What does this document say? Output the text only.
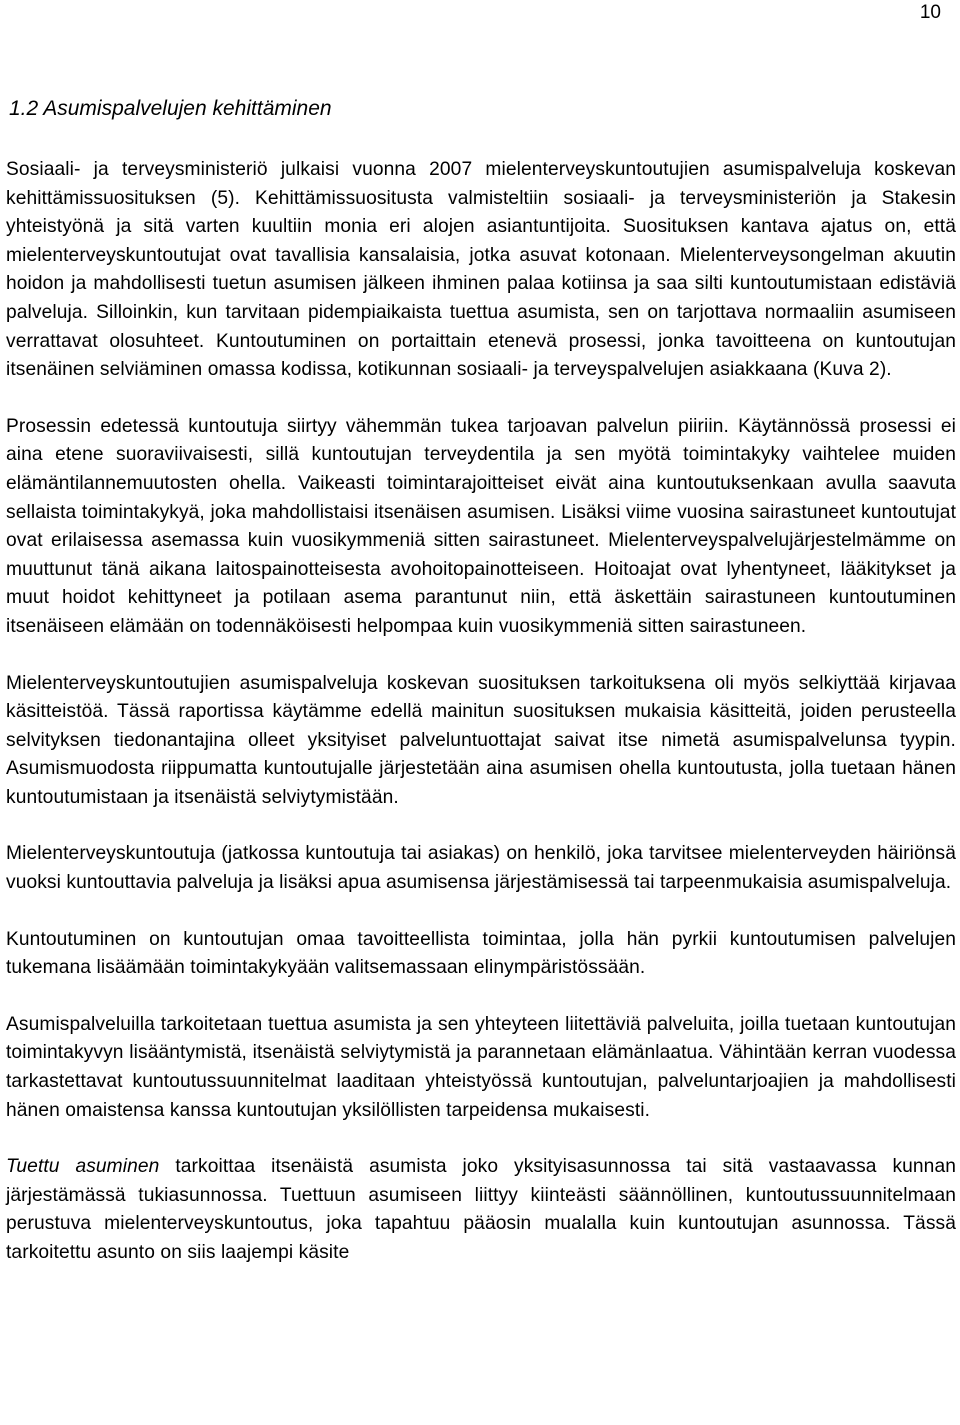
10
1.2 Asumispalvelujen kehittäminen

Sosiaali- ja terveysministeriö julkaisi vuonna 2007 mielenterveyskuntoutujien asumispalveluja koskevan kehittämissuosituksen (5). Kehittämissuositusta valmisteltiin sosiaali- ja terveysministeriön ja Stakesin yhteistyönä ja sitä varten kuultiin monia eri alojen asiantuntijoita. Suosituksen kantava ajatus on, että mielenterveyskuntoutujat ovat tavallisia kansalaisia, jotka asuvat kotonaan. Mielenterveysongelman akuutin hoidon ja mahdollisesti tuetun asumisen jälkeen ihminen palaa kotiinsa ja saa silti kuntoutumistaan edistäviä palveluja. Silloinkin, kun tarvitaan pidempiaikaista tuettua asumista, sen on tarjottava normaaliin asumiseen verrattavat olosuhteet. Kuntoutuminen on portaittain etenevä prosessi, jonka tavoitteena on kuntoutujan itsenäinen selviäminen omassa kodissa, kotikunnan sosiaali- ja terveyspalvelujen asiakkaana (Kuva 2).

Prosessin edetessä kuntoutuja siirtyy vähemmän tukea tarjoavan palvelun piiriin. Käytännössä prosessi ei aina etene suoraviivaisesti, sillä kuntoutujan terveydentila ja sen myötä toimintakyky vaihtelee muiden elämäntilannemuutosten ohella. Vaikeasti toimintarajoitteiset eivät aina kuntoutuksenkaan avulla saavuta sellaista toimintakykyä, joka mahdollistaisi itsenäisen asumisen. Lisäksi viime vuosina sairastuneet kuntoutujat ovat erilaisessa asemassa kuin vuosikymmeniä sitten sairastuneet. Mielenterveyspalvelujärjestelmämme on muuttunut tänä aikana laitospainotteisesta avohoitopainotteiseen. Hoitoajat ovat lyhentyneet, lääkitykset ja muut hoidot kehittyneet ja potilaan asema parantunut niin, että äskettäin sairastuneen kuntoutuminen itsenäiseen elämään on todennäköisesti helpompaa kuin vuosikymmeniä sitten sairastuneen.

Mielenterveyskuntoutujien asumispalveluja koskevan suosituksen tarkoituksena oli myös selkiyttää kirjavaa käsitteistöä. Tässä raportissa käytämme edellä mainitun suosituksen mukaisia käsitteitä, joiden perusteella selvityksen tiedonantajina olleet yksityiset palveluntuottajat saivat itse nimetä asumispalvelunsa tyypin. Asumismuodosta riippumatta kuntoutujalle järjestetään aina asumisen ohella kuntoutusta, jolla tuetaan hänen kuntoutumistaan ja itsenäistä selviytymistään.

Mielenterveyskuntoutuja (jatkossa kuntoutuja tai asiakas) on henkilö, joka tarvitsee mielenterveyden häiriönsä vuoksi kuntouttavia palveluja ja lisäksi apua asumisensa järjestämisessä tai tarpeenmukaisia asumispalveluja.

Kuntoutuminen on kuntoutujan omaa tavoitteellista toimintaa, jolla hän pyrkii kuntoutumisen palvelujen tukemana lisäämään toimintakykyään valitsemassaan elinympäristössään.

Asumispalveluilla tarkoitetaan tuettua asumista ja sen yhteyteen liitettäviä palveluita, joilla tuetaan kuntoutujan toimintakyvyn lisääntymistä, itsenäistä selviytymistä ja parannetaan elämänlaatua. Vähintään kerran vuodessa tarkastettavat kuntoutussuunnitelmat laaditaan yhteistyössä kuntoutujan, palveluntarjoajien ja mahdollisesti hänen omaistensa kanssa kuntoutujan yksilöllisten tarpeidensa mukaisesti.

Tuettu asuminen tarkoittaa itsenäistä asumista joko yksityisasunnossa tai sitä vastaavassa kunnan järjestämässä tukiasunnossa. Tuettuun asumiseen liittyy kiinteästi säännöllinen, kuntoutussuunnitelmaan perustuva mielenterveyskuntoutus, joka tapahtuu pääosin mualalla kuin kuntoutujan asunnossa. Tässä tarkoitettu asunto on siis laajempi käsite
